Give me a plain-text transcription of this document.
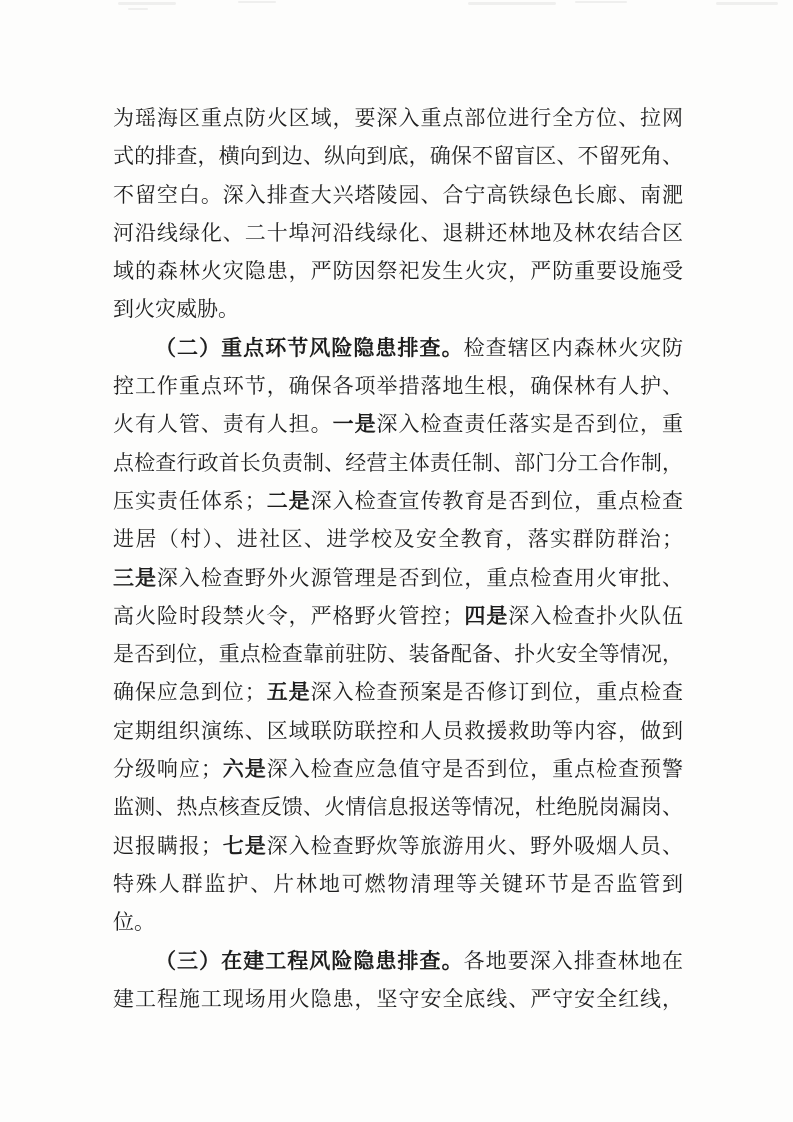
为瑶海区重点防火区域，要深入重点部位进行全方位、拉网
式的排查，横向到边、纵向到底，确保不留盲区、不留死角、
不留空白。深入排查大兴塔陵园、合宁高铁绿色长廊、南淝
河沿线绿化、二十埠河沿线绿化、退耕还林地及林农结合区
域的森林火灾隐患，严防因祭祀发生火灾，严防重要设施受
到火灾威胁。
（二）重点环节风险隐患排查。检查辖区内森林火灾防
控工作重点环节，确保各项举措落地生根，确保林有人护、
火有人管、责有人担。一是深入检查责任落实是否到位，重
点检查行政首长负责制、经营主体责任制、部门分工合作制，
压实责任体系；二是深入检查宣传教育是否到位，重点检查
进居（村）、进社区、进学校及安全教育，落实群防群治；
三是深入检查野外火源管理是否到位，重点检查用火审批、
高火险时段禁火令，严格野火管控；四是深入检查扑火队伍
是否到位，重点检查靠前驻防、装备配备、扑火安全等情况，
确保应急到位；五是深入检查预案是否修订到位，重点检查
定期组织演练、区域联防联控和人员救援救助等内容，做到
分级响应；六是深入检查应急值守是否到位，重点检查预警
监测、热点核查反馈、火情信息报送等情况，杜绝脱岗漏岗、
迟报瞒报；七是深入检查野炊等旅游用火、野外吸烟人员、
特殊人群监护、片林地可燃物清理等关键环节是否监管到
位。
（三）在建工程风险隐患排查。各地要深入排查林地在
建工程施工现场用火隐患，坚守安全底线、严守安全红线，
